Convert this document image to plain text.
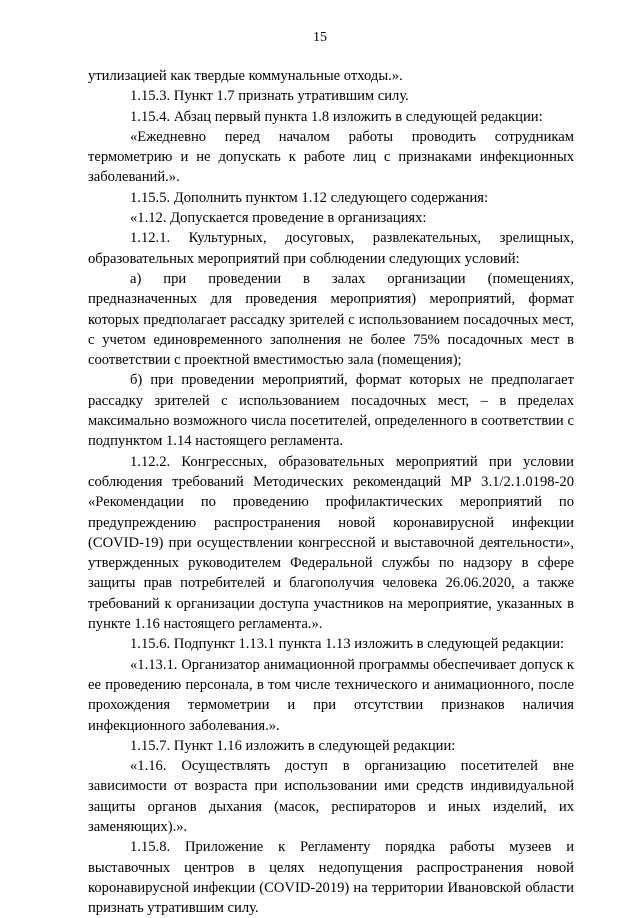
15

утилизацией как твердые коммунальные отходы.».

1.15.3. Пункт 1.7 признать утратившим силу.

1.15.4. Абзац первый пункта 1.8 изложить в следующей редакции:

«Ежедневно перед началом работы проводить сотрудникам термометрию и не допускать к работе лиц с признаками инфекционных заболеваний.».

1.15.5. Дополнить пунктом 1.12 следующего содержания:

«1.12. Допускается проведение в организациях:

1.12.1. Культурных, досуговых, развлекательных, зрелищных, образовательных мероприятий при соблюдении следующих условий:

а) при проведении в залах организации (помещениях, предназначенных для проведения мероприятия) мероприятий, формат которых предполагает рассадку зрителей с использованием посадочных мест, с учетом единовременного заполнения не более 75% посадочных мест в соответствии с проектной вместимостью зала (помещения);

б) при проведении мероприятий, формат которых не предполагает рассадку зрителей с использованием посадочных мест, – в пределах максимально возможного числа посетителей, определенного в соответствии с подпунктом 1.14 настоящего регламента.

1.12.2. Конгрессных, образовательных мероприятий при условии соблюдения требований Методических рекомендаций МР 3.1/2.1.0198-20 «Рекомендации по проведению профилактических мероприятий по предупреждению распространения новой коронавирусной инфекции (COVID-19) при осуществлении конгрессной и выставочной деятельности», утвержденных руководителем Федеральной службы по надзору в сфере защиты прав потребителей и благополучия человека 26.06.2020, а также требований к организации доступа участников на мероприятие, указанных в пункте 1.16 настоящего регламента.».

1.15.6. Подпункт 1.13.1 пункта 1.13 изложить в следующей редакции:

«1.13.1. Организатор анимационной программы обеспечивает допуск к ее проведению персонала, в том числе технического и анимационного, после прохождения термометрии и при отсутствии признаков наличия инфекционного заболевания.».

1.15.7. Пункт 1.16 изложить в следующей редакции:

«1.16. Осуществлять доступ в организацию посетителей вне зависимости от возраста при использовании ими средств индивидуальной защиты органов дыхания (масок, респираторов и иных изделий, их заменяющих).».

1.15.8. Приложение к Регламенту порядка работы музеев и выставочных центров в целях недопущения распространения новой коронавирусной инфекции (COVID-2019) на территории Ивановской области признать утратившим силу.
